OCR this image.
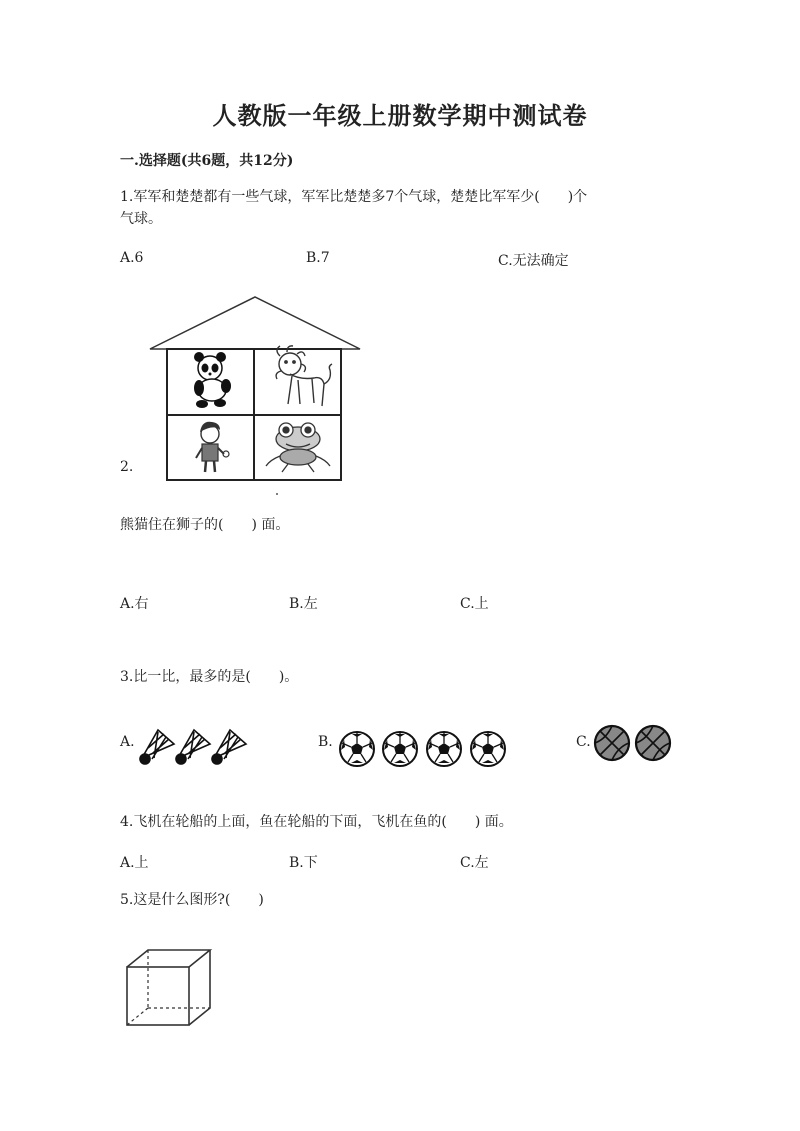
人教版一年级上册数学期中测试卷
一.选择题(共6题，共12分)
1.军军和楚楚都有一些气球，军军比楚楚多7个气球，楚楚比军军少(　　)个
气球。
A.6	B.7	C.无法确定
2.
熊猫住在狮子的(　　) 面。
A.右	B.左	C.上
3.比一比，最多的是(　　)。
A.	B.	C.
4.飞机在轮船的上面，鱼在轮船的下面，飞机在鱼的(　　) 面。
A.上	B.下	C.左
5.这是什么图形?(　　)
